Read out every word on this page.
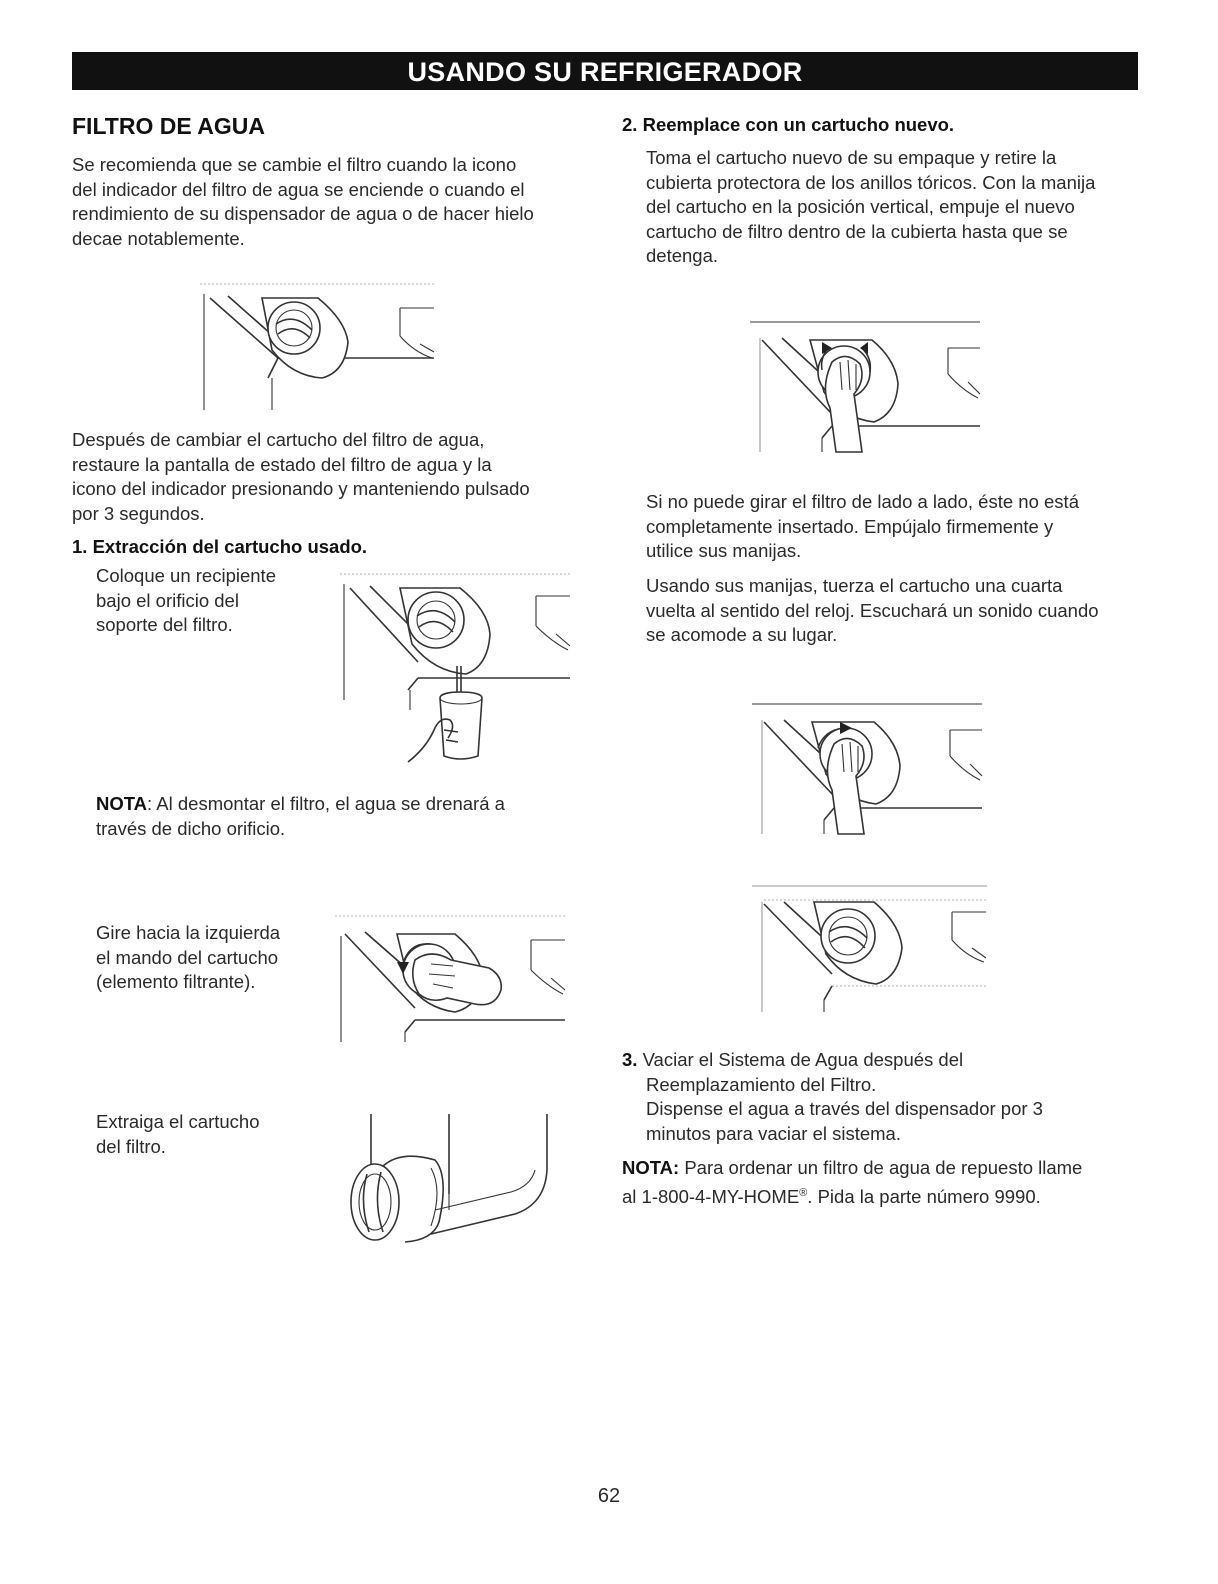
USANDO SU REFRIGERADOR
FILTRO DE AGUA
Se recomienda que se cambie el filtro cuando la icono
del indicador del filtro de agua se enciende o cuando el
rendimiento de su dispensador de agua o de hacer hielo
decae notablemente.
Después de cambiar el cartucho del filtro de agua,
restaure la pantalla de estado del filtro de agua y la
icono del indicador presionando y manteniendo pulsado
por 3 segundos.
1. Extracción del cartucho usado.
Coloque un recipiente
bajo el orificio del
soporte del filtro.
NOTA: Al desmontar el filtro, el agua se drenará a
través de dicho orificio.
Gire hacia la izquierda
el mando del cartucho
(elemento filtrante).
Extraiga el cartucho
del filtro.
2. Reemplace con un cartucho nuevo.
Toma el cartucho nuevo de su empaque y retire la
cubierta protectora de los anillos tóricos. Con la manija
del cartucho en la posición vertical, empuje el nuevo
cartucho de filtro dentro de la cubierta hasta que se
detenga.
Si no puede girar el filtro de lado a lado, éste no está
completamente insertado. Empújalo firmemente y
utilice sus manijas.
Usando sus manijas, tuerza el cartucho una cuarta
vuelta al sentido del reloj. Escuchará un sonido cuando
se acomode a su lugar.
3. Vaciar el Sistema de Agua después del
Reemplazamiento del Filtro.
Dispense el agua a través del dispensador por 3
minutos para vaciar el sistema.
NOTA: Para ordenar un filtro de agua de repuesto llame
al 1-800-4-MY-HOME®. Pida la parte número 9990.
62
